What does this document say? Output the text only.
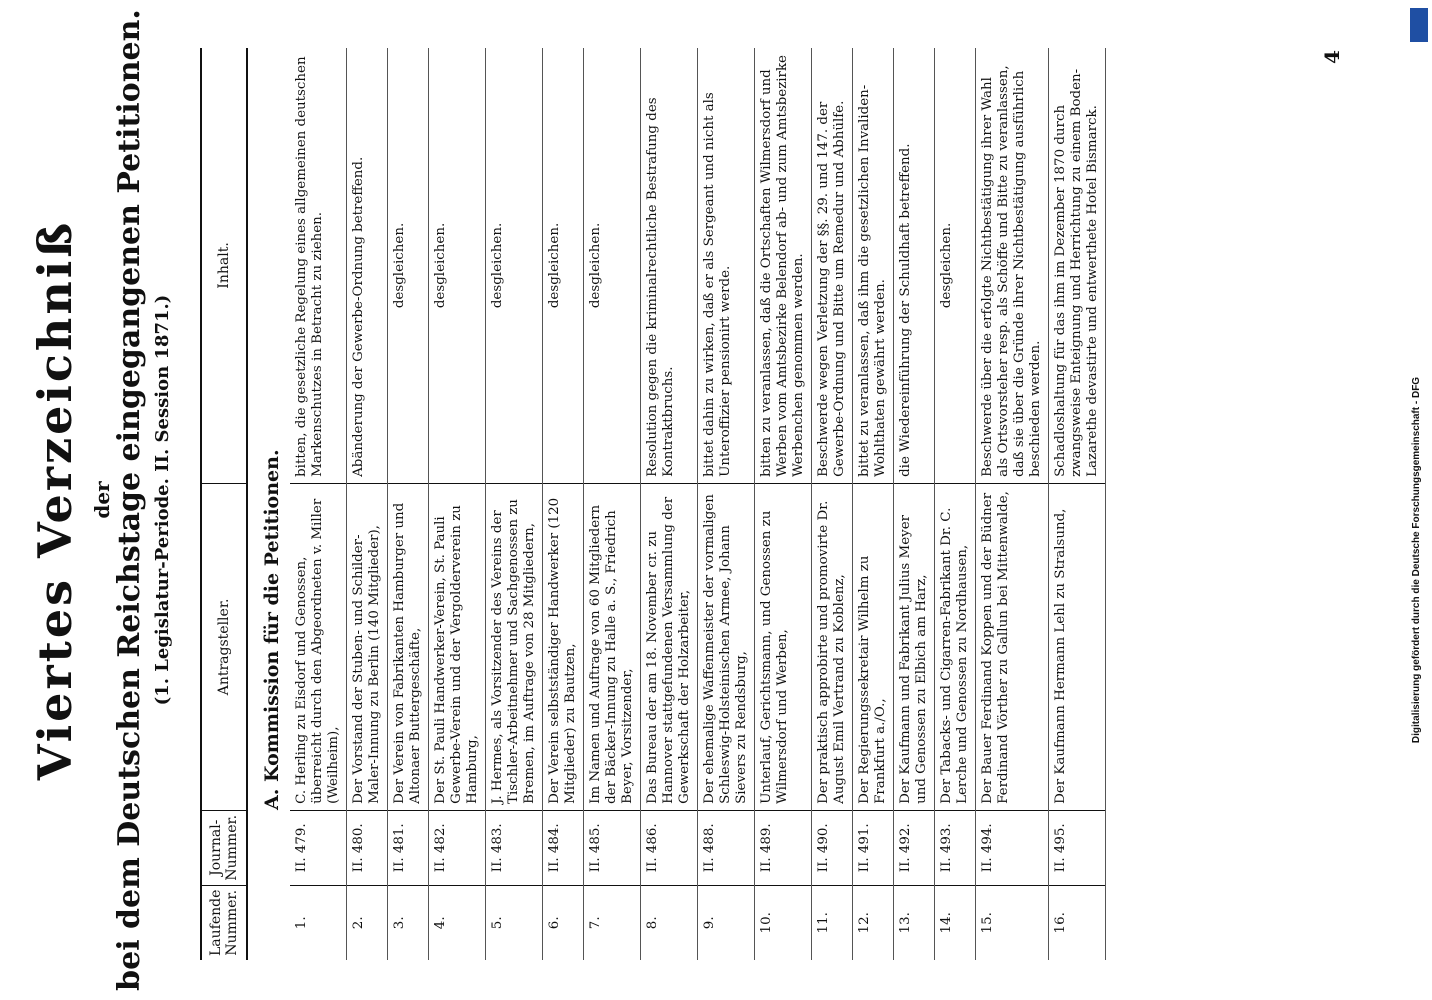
Viertes Verzeichniß der
bei dem Deutschen Reichstage eingegangenen Petitionen. (1. Legislatur-Periode. II. Session 1871.)
Laufende Nummer.	Journal-Nummer.	Antragsteller.	Inhalt.
A. Kommission für die Petitionen.			
1.	II. 479.	C. Herling zu Eisdorf und Genossen, überreicht durch den Abgeordneten v. Miller (Weilheim),	bitten, die gesetzliche Regelung eines allgemeinen deutschen Markenschutzes in Betracht zu ziehen.
2.	II. 480.	Der Vorstand der Stuben- und Schilder-Maler-Innung zu Berlin (140 Mitglieder),	Abänderung der Gewerbe-Ordnung betreffend.
3.	II. 481.	Der Verein von Fabrikanten Hamburger und Altonaer Buttergeschäfte,	desgleichen.
4.	II. 482.	Der St. Pauli Handwerker-Verein, St. Pauli Gewerbe-Verein und der Vergolderverein zu Hamburg,	desgleichen.
5.	II. 483.	J. Hermes, als Vorsitzender des Vereins der Tischler-Arbeitnehmer und Sachgenossen zu Bremen, im Auftrage von 28 Mitgliedern,	desgleichen.
6.	II. 484.	Der Verein selbstständiger Handwerker (120 Mitglieder) zu Bautzen,	desgleichen.
7.	II. 485.	Im Namen und Auftrage von 60 Mitgliedern der Bäcker-Innung zu Halle a. S., Friedrich Beyer, Vorsitzender,	desgleichen.
8.	II. 486.	Das Bureau der am 18. November cr. zu Hannover stattgefundenen Versammlung der Gewerkschaft der Holzarbeiter,	Resolution gegen die kriminalrechtliche Bestrafung des Kontraktbruchs.
9.	II. 488.	Der ehemalige Waffenmeister der vormaligen Schleswig-Holsteinischen Armee, Johann Sievers zu Rendsburg,	bittet dahin zu wirken, daß er als Sergeant und nicht als Unteroffizier pensionirt werde.
10.	II. 489.	Unterlauf, Gerichtsmann, und Genossen zu Wilmersdorf und Werben,	bitten zu veranlassen, daß die Ortschaften Wilmersdorf und Werben vom Amtsbezirke Belendorf ab- und zum Amtsbezirke Werbenchen genommen werden.
11.	II. 490.	Der praktisch approbirte und promovirte Dr. August Emil Vertrand zu Koblenz,	Beschwerde wegen Verletzung der §§. 29. und 147. der Gewerbe-Ordnung und Bitte um Remedur und Abhülfe.
12.	II. 491.	Der Regierungssekretair Wilhelm zu Frankfurt a./O.,	bittet zu veranlassen, daß ihm die gesetzlichen Invaliden-Wohlthaten gewährt werden.
13.	II. 492.	Der Kaufmann und Fabrikant Julius Meyer und Genossen zu Elbich am Harz,	die Wiedereinführung der Schuldhaft betreffend.
14.	II. 493.	Der Tabacks- und Cigarren-Fabrikant Dr. C. Lerche und Genossen zu Nordhausen,	desgleichen.
15.	II. 494.	Der Bauer Ferdinand Koppen und der Büdner Ferdinand Vörther zu Gallun bei Mittenwalde,	Beschwerde über die erfolgte Nichtbestätigung ihrer Wahl als Ortsvorsteher resp. als Schöffe und Bitte zu veranlassen, daß sie über die Gründe ihrer Nichtbestätigung ausführlich beschieden werden.
16.	II. 495.	Der Kaufmann Hermann Lehl zu Stralsund,	Schadloshaltung für das ihm im Dezember 1870 durch zwangsweise Enteignung und Herrichtung zu einem Boden-Lazarethe devastirte und entwerthete Hotel Bismarck.
4
Digitalisierung gefördert durch die Deutsche Forschungsgemeinschaft - DFG
